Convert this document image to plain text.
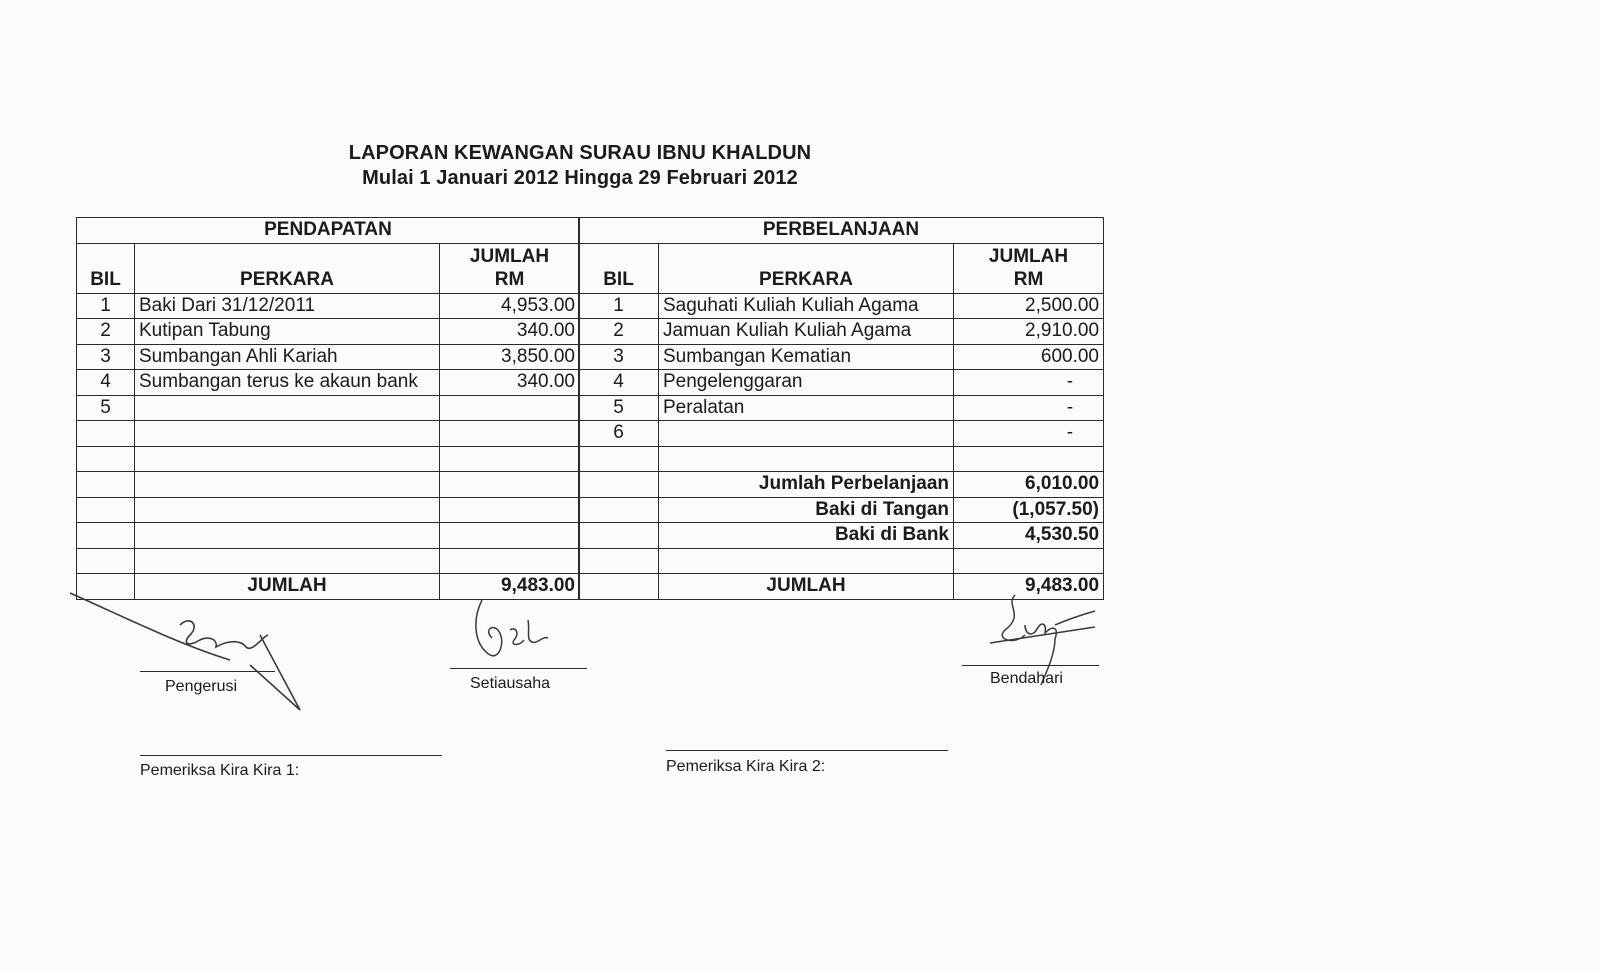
LAPORAN KEWANGAN SURAU IBNU KHALDUN
Mulai 1 Januari 2012 Hingga 29 Februari 2012
PENDAPATAN		
BIL	PERKARA	JUMLAH
RM

1	Baki Dari 31/12/2011	4,953.00
2	Kutipan Tabung	340.00
3	Sumbangan Ahli Kariah	3,850.00
4	Sumbangan terus ke akaun bank	340.00
5		

	JUMLAH	9,483.00
PERBELANJAAN		
BIL	PERKARA	JUMLAH
RM

1	Saguhati Kuliah Kuliah Agama	2,500.00
2	Jamuan Kuliah Kuliah Agama	2,910.00
3	Sumbangan Kematian	600.00
4	Pengelenggaran	-
5	Peralatan	-
6		-

	Jumlah Perbelanjaan	6,010.00
	Baki di Tangan	(1,057.50)
	Baki di Bank	4,530.50

	JUMLAH	9,483.00
Pengerusi	Setiausaha	Bendahari
Pemeriksa Kira Kira 1:	Pemeriksa Kira Kira 2:
